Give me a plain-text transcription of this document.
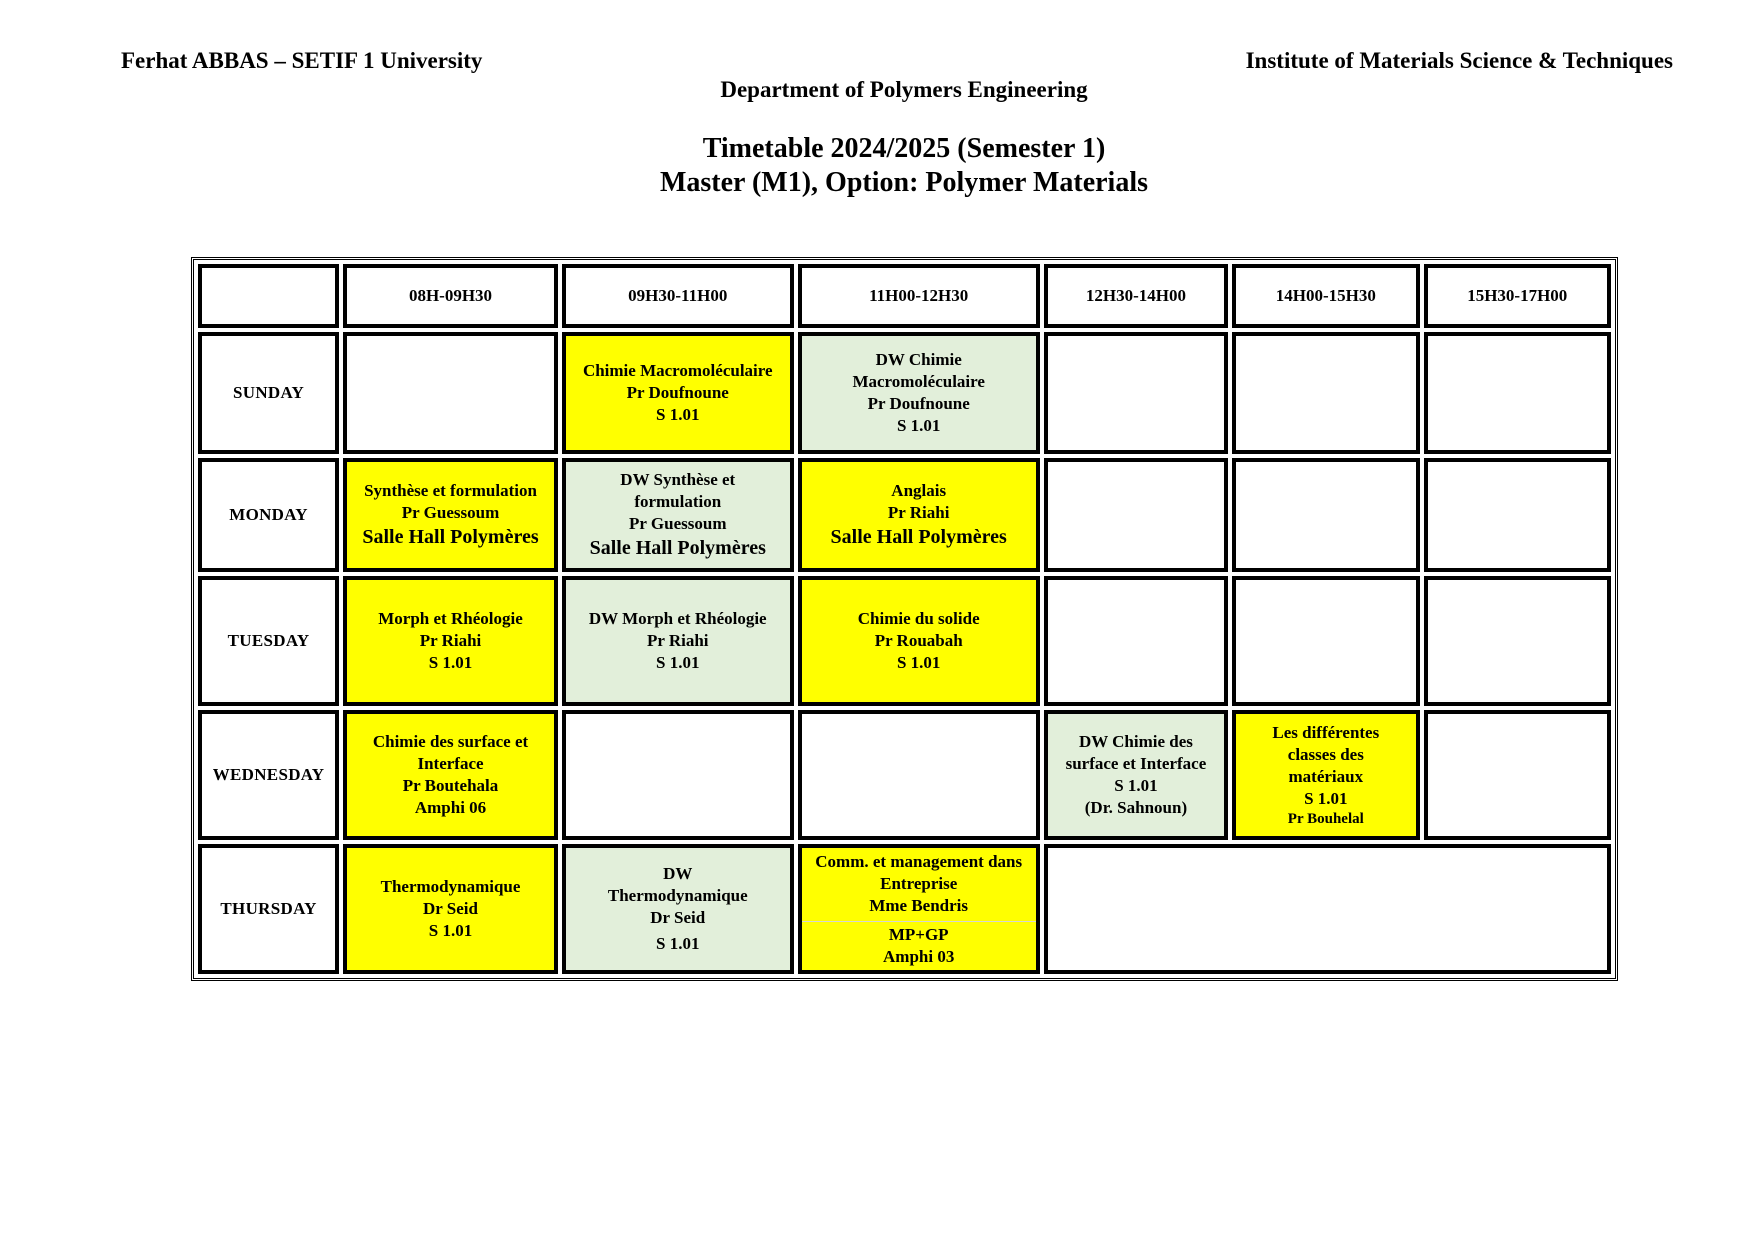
Ferhat ABBAS – SETIF 1 University	Institute of Materials Science & Techniques
Department of Polymers Engineering
Timetable 2024/2025 (Semester 1)
Master (M1), Option: Polymer Materials
	08H-09H30	09H30-11H00	11H00-12H30	12H30-14H00	14H00-15H30	15H30-17H00
SUNDAY		Chimie Macromoléculaire
Pr Doufnoune
S 1.01	DW Chimie
Macromoléculaire
Pr Doufnoune
S 1.01			

MONDAY	Synthèse et formulation
Pr Guessoum
Salle Hall Polymères	DW Synthèse et
formulation
Pr Guessoum
Salle Hall Polymères	Anglais
Pr Riahi
Salle Hall Polymères			

TUESDAY	Morph et Rhéologie
Pr Riahi
S 1.01	DW Morph et Rhéologie
Pr Riahi
S 1.01	Chimie du solide
Pr Rouabah
S 1.01			

WEDNESDAY	Chimie des surface et
Interface
Pr Boutehala
Amphi 06			DW Chimie des
surface et Interface
S 1.01
(Dr. Sahnoun)	Les différentes
classes des
matériaux
S 1.01
Pr Bouhelal	

THURSDAY	Thermodynamique
Dr Seid
S 1.01	DW
Thermodynamique
Dr Seid
S 1.01	Comm. et management dans
Entreprise
Mme Bendris
MP+GP
Amphi 03			
